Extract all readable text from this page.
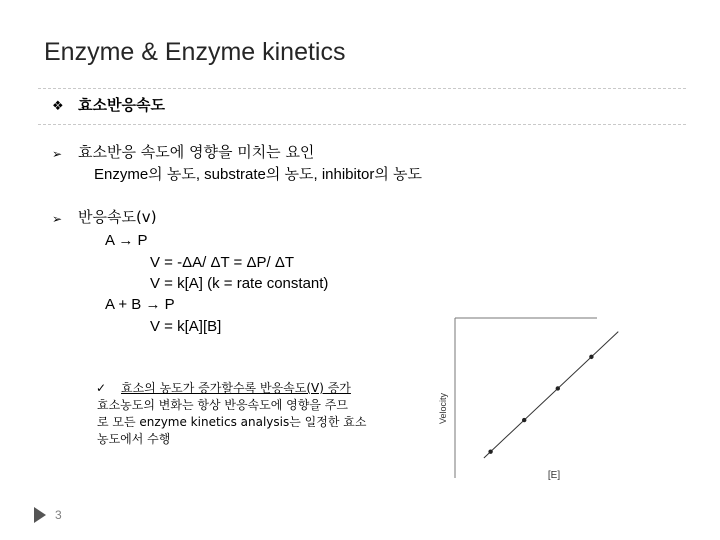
Enzyme & Enzyme kinetics
❖ 효소반응속도
➢ 효소반응 속도에 영향을 미치는 요인
Enzyme의 농도, substrate의 농도, inhibitor의 농도
➢ 반응속도(v)
A → P
V = -ΔA/ ΔT = ΔP/ ΔT
V = k[A] (k = rate constant)
A + B → P
V = k[A][B]
✓ 효소의 농도가 증가할수록 반응속도(V) 증가
효소농도의 변화는 항상 반응속도에 영향을 주므
로 모든 enzyme kinetics analysis는 일정한 효소
농도에서 수행
Velocity
[E]
3
